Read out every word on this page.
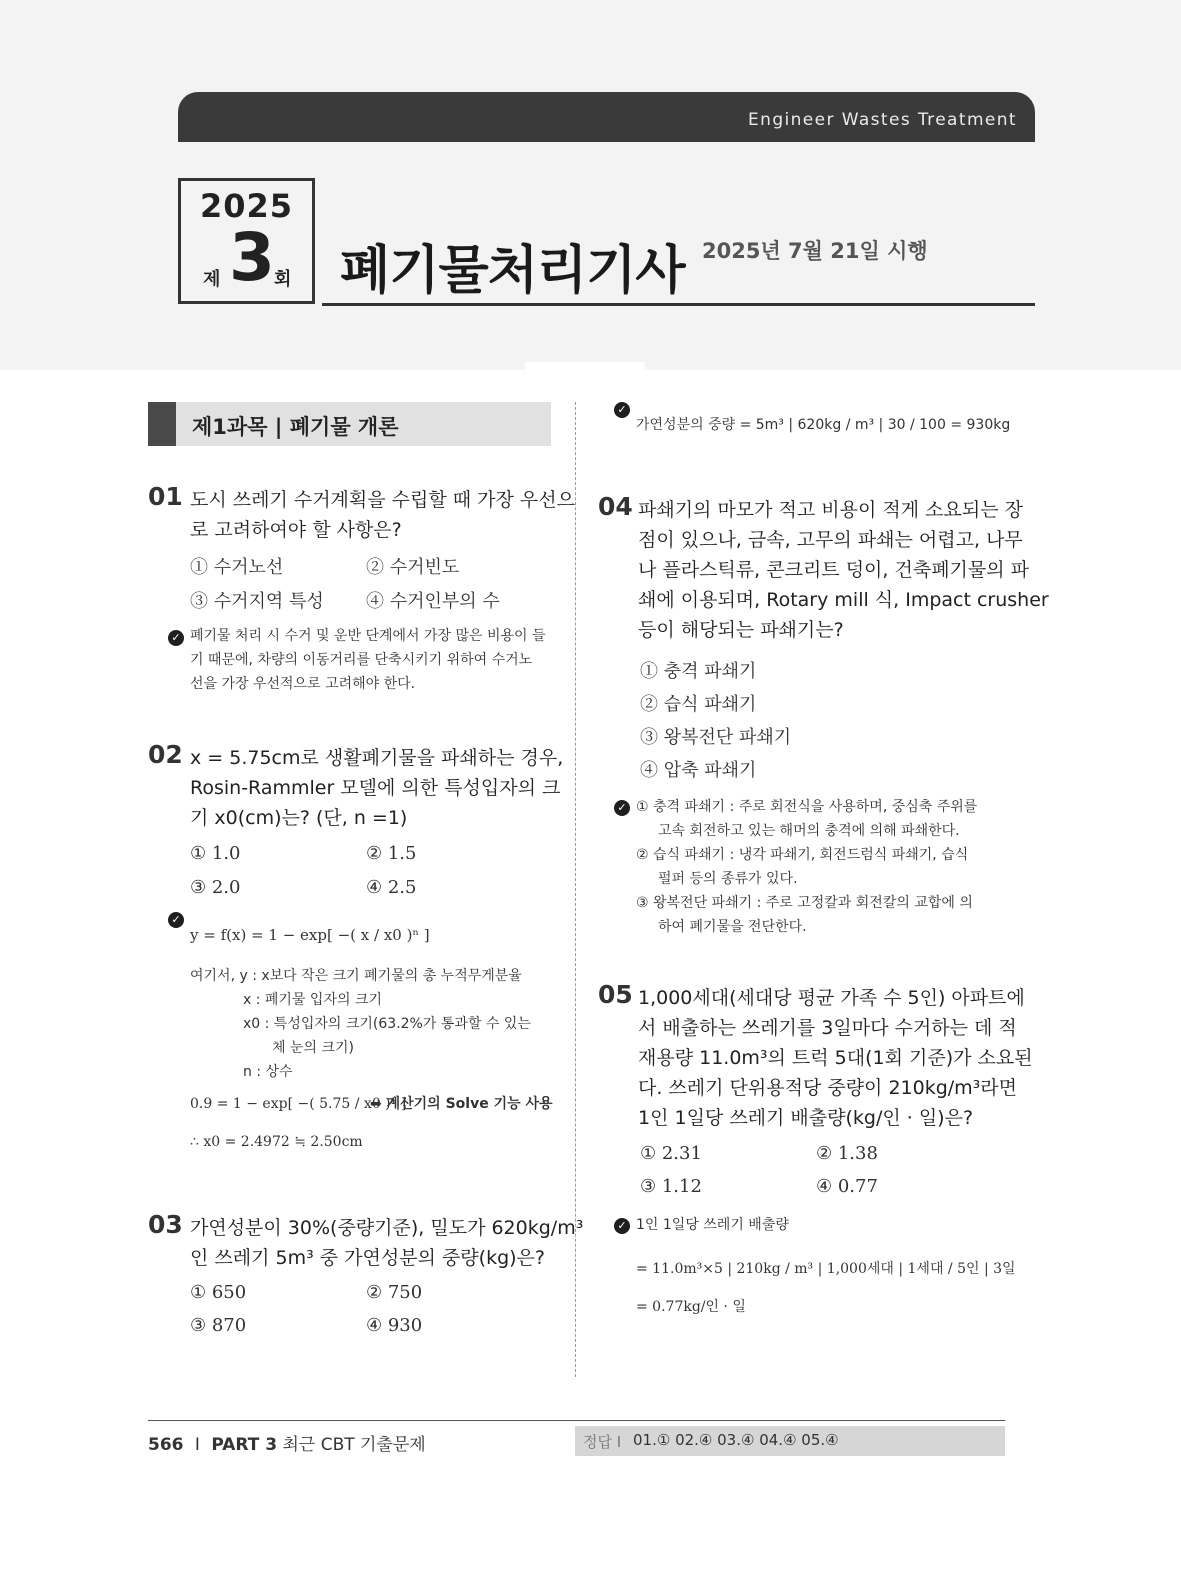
Engineer Wastes Treatment
2025
제 3 회 폐기물처리기사 2025년 7월 21일 시행
제1과목 | 폐기물 개론
01 도시 쓰레기 수거계획을 수립할 때 가장 우선으
로 고려하여야 할 사항은?
① 수거노선	② 수거빈도
③ 수거지역 특성 ④ 수거인부의 수
✓ 폐기물 처리 시 수거 및 운반 단계에서 가장 많은 비용이 들
기 때문에, 차량의 이동거리를 단축시키기 위하여 수거노
선을 가장 우선적으로 고려해야 한다.
02 x = 5.75cm로 생활폐기물을 파쇄하는 경우,
Rosin-Rammler 모델에 의한 특성입자의 크
기 x0(cm)는? (단, n =1)
① 1.0	② 1.5
③ 2.0	④ 2.5
✓
y = f(x) = 1 − exp[ −( x / x0 )ⁿ ]
여기서, y : x보다 작은 크기 폐기물의 총 누적무게분율
x : 폐기물 입자의 크기
x0 : 특성입자의 크기(63.2%가 통과할 수 있는
체 눈의 크기)
n : 상수
0.9 = 1 − exp[ −( 5.75 / x0 )¹ ]
➡ 계산기의 Solve 기능 사용
∴ x0 = 2.4972 ≒ 2.50cm
03 가연성분이 30%(중량기준), 밀도가 620kg/m³
인 쓰레기 5m³ 중 가연성분의 중량(kg)은?
① 650	② 750
③ 870	④ 930
✓
가연성분의 중량 = 5m³ | 620kg / m³ | 30 / 100 = 930kg
04 파쇄기의 마모가 적고 비용이 적게 소요되는 장
점이 있으나, 금속, 고무의 파쇄는 어렵고, 나무
나 플라스틱류, 콘크리트 덩이, 건축폐기물의 파
쇄에 이용되며, Rotary mill 식, Impact crusher
등이 해당되는 파쇄기는?
① 충격 파쇄기
② 습식 파쇄기
③ 왕복전단 파쇄기
④ 압축 파쇄기
✓ ① 충격 파쇄기 : 주로 회전식을 사용하며, 중심축 주위를
고속 회전하고 있는 해머의 충격에 의해 파쇄한다.
② 습식 파쇄기 : 냉각 파쇄기, 회전드럼식 파쇄기, 습식
펄퍼 등의 종류가 있다.
③ 왕복전단 파쇄기 : 주로 고정칼과 회전칼의 교합에 의
하여 폐기물을 전단한다.
05 1,000세대(세대당 평균 가족 수 5인) 아파트에
서 배출하는 쓰레기를 3일마다 수거하는 데 적
재용량 11.0m³의 트럭 5대(1회 기준)가 소요된
다. 쓰레기 단위용적당 중량이 210kg/m³라면
1인 1일당 쓰레기 배출량(kg/인 · 일)은?
① 2.31	② 1.38
③ 1.12	④ 0.77
✓ 1인 1일당 쓰레기 배출량
= 11.0m³×5 | 210kg / m³ | 1,000세대 | 1세대 / 5인 | 3일
= 0.77kg/인 · 일
566 I PART 3 최근 CBT 기출문제	정답 I 01.① 02.④ 03.④ 04.④ 05.④
